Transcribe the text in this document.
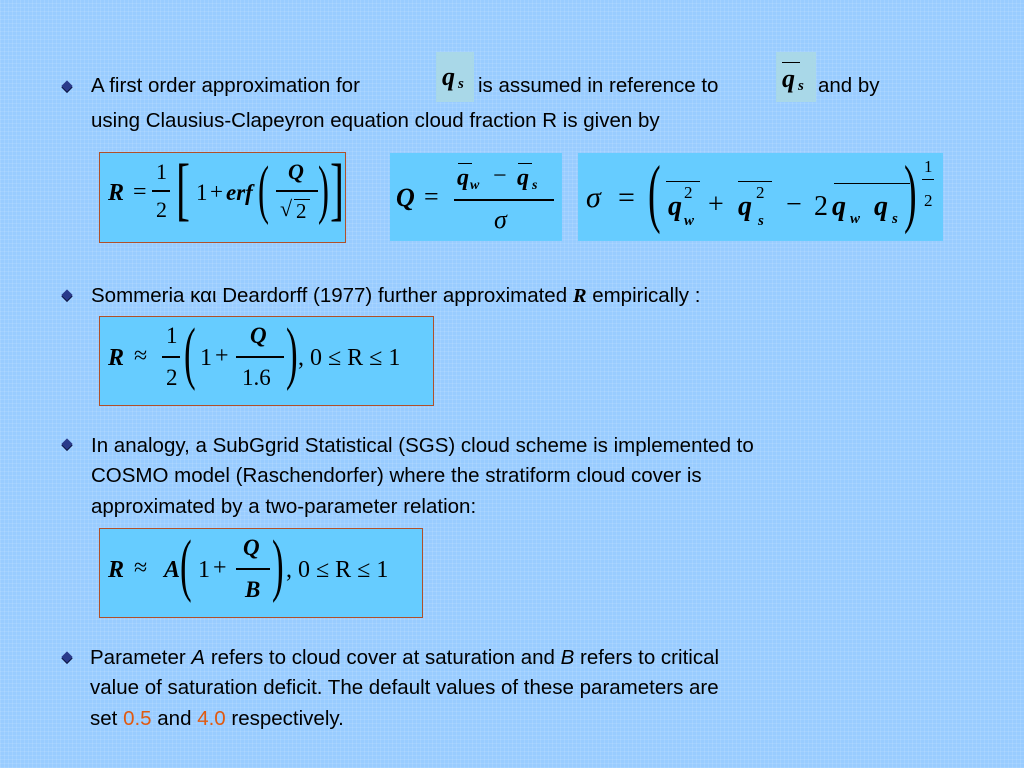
A first order approximation for	q s is assumed in reference to q s and by
using Clausius-Clapeyron equation cloud fraction R is given by
R =
1
2 [ 1 + erf ( Q
√ 2 ) ] Q =
q w − q s
σ
σ = ( q 2
w
+ q 2
s
− 2 q w q s ) 1
2
Sommeria και Deardorff (1977) further approximated R empirically :
R ≈
1
2 ( 1 +
Q
1.6 ) , 0 ≤ R ≤ 1
In analogy, a SubGgrid Statistical (SGS) cloud scheme is implemented to
COSMO model (Raschendorfer) where the stratiform cloud cover is
approximated by a two-parameter relation:
R ≈ A ( 1 +
Q
B ) , 0 ≤ R ≤ 1
Parameter A refers to cloud cover at saturation and B refers to critical
value of saturation deficit. The default values of these parameters are
set 0.5 and 4.0 respectively.
